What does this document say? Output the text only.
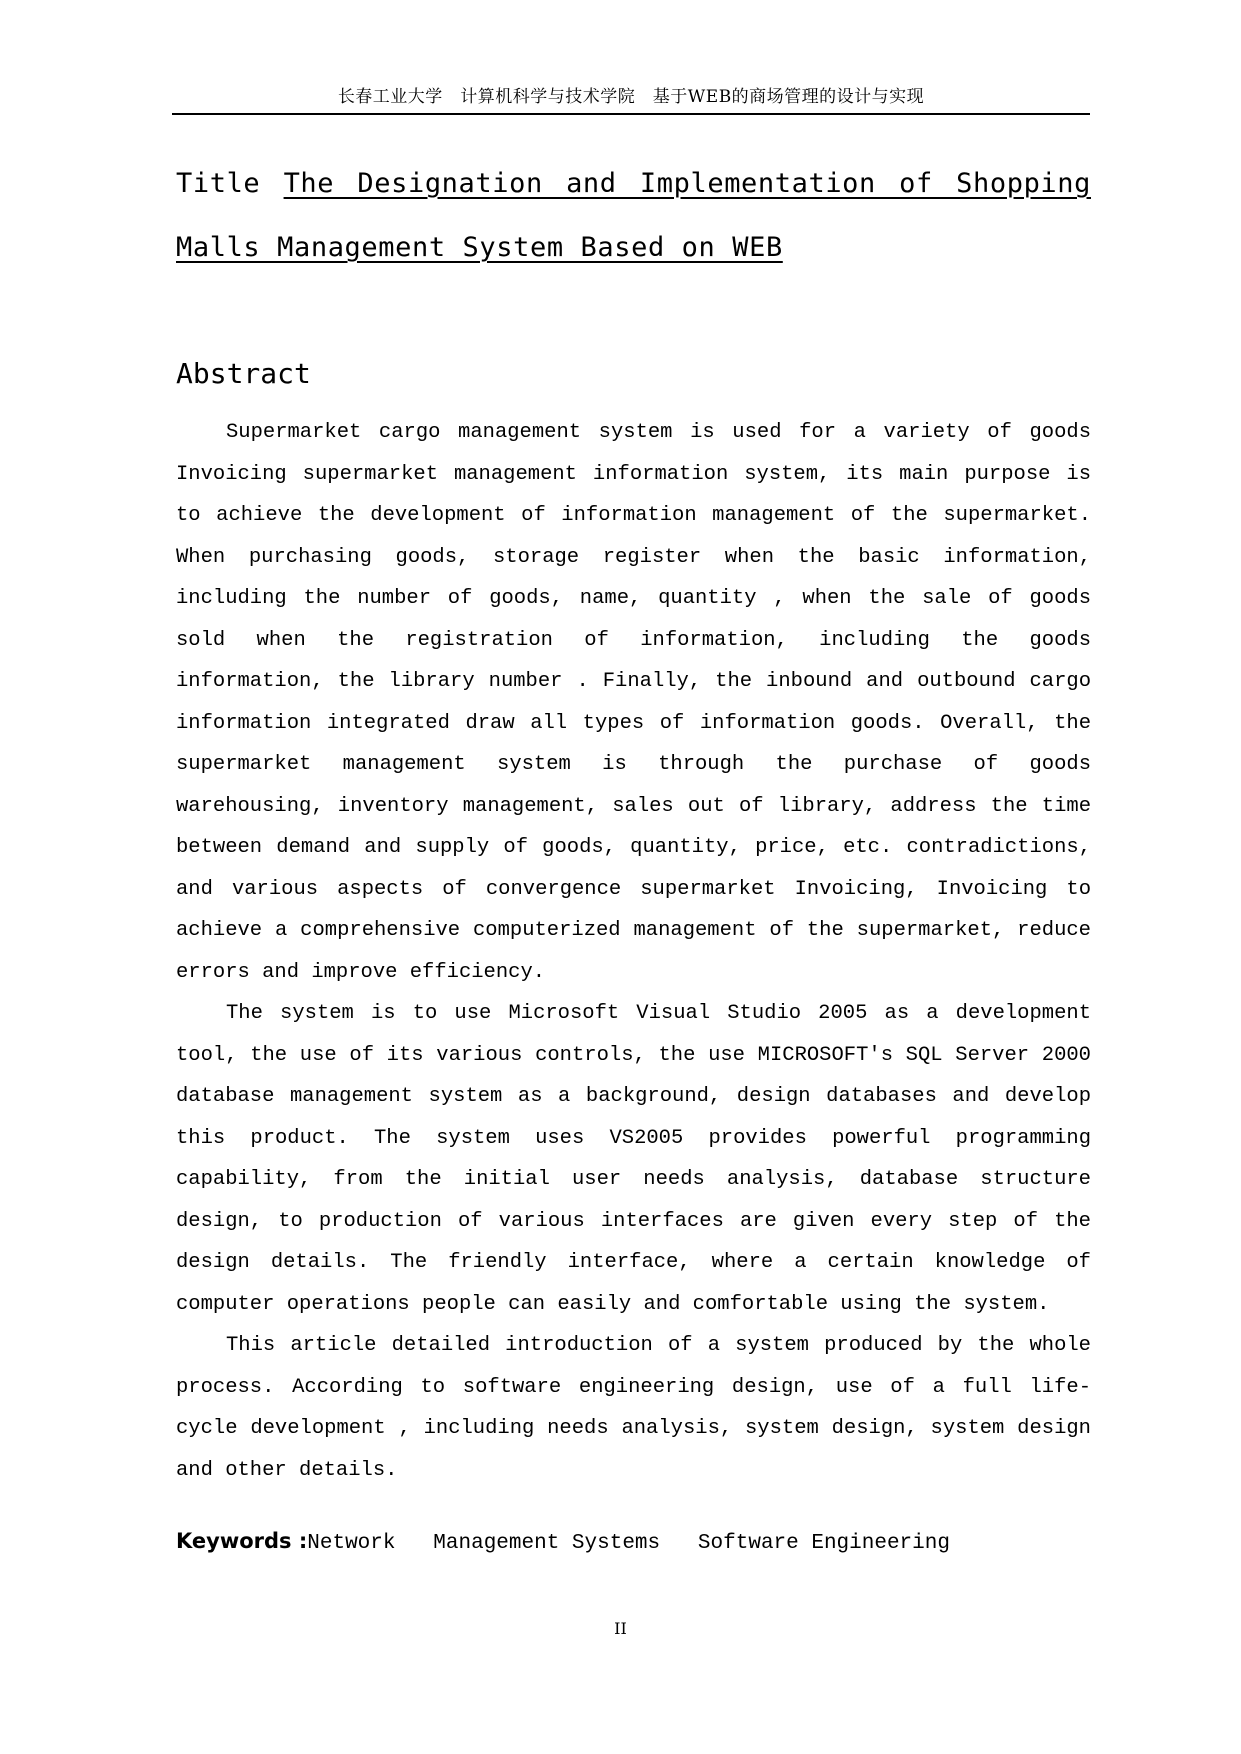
长春工业大学　计算机科学与技术学院　基于WEB的商场管理的设计与实现
Title The Designation and Implementation of Shopping Malls Management System Based on WEB
Abstract

Supermarket cargo management system is used for a variety of goods Invoicing supermarket management information system, its main purpose is to achieve the development of information management of the supermarket. When purchasing goods, storage register when the basic information, including the number of goods, name, quantity , when the sale of goods sold when the registration of information, including the goods information, the library number . Finally, the inbound and outbound cargo information integrated draw all types of information goods. Overall, the supermarket management system is through the purchase of goods warehousing, inventory management, sales out of library, address the time between demand and supply of goods, quantity, price, etc. contradictions, and various aspects of convergence supermarket Invoicing, Invoicing to achieve a comprehensive computerized management of the supermarket, reduce errors and improve efficiency.

The system is to use Microsoft Visual Studio 2005 as a development tool, the use of its various controls, the use MICROSOFT's SQL Server 2000 database management system as a background, design databases and develop this product. The system uses VS2005 provides powerful programming capability, from the initial user needs analysis, database structure design, to production of various interfaces are given every step of the design details. The friendly interface, where a certain knowledge of computer operations people can easily and comfortable using the system.

This article detailed introduction of a system produced by the whole process. According to software engineering design, use of a full life-cycle development , including needs analysis, system design, system design and other details.

Keywords :Network   Management Systems   Software Engineering
II
